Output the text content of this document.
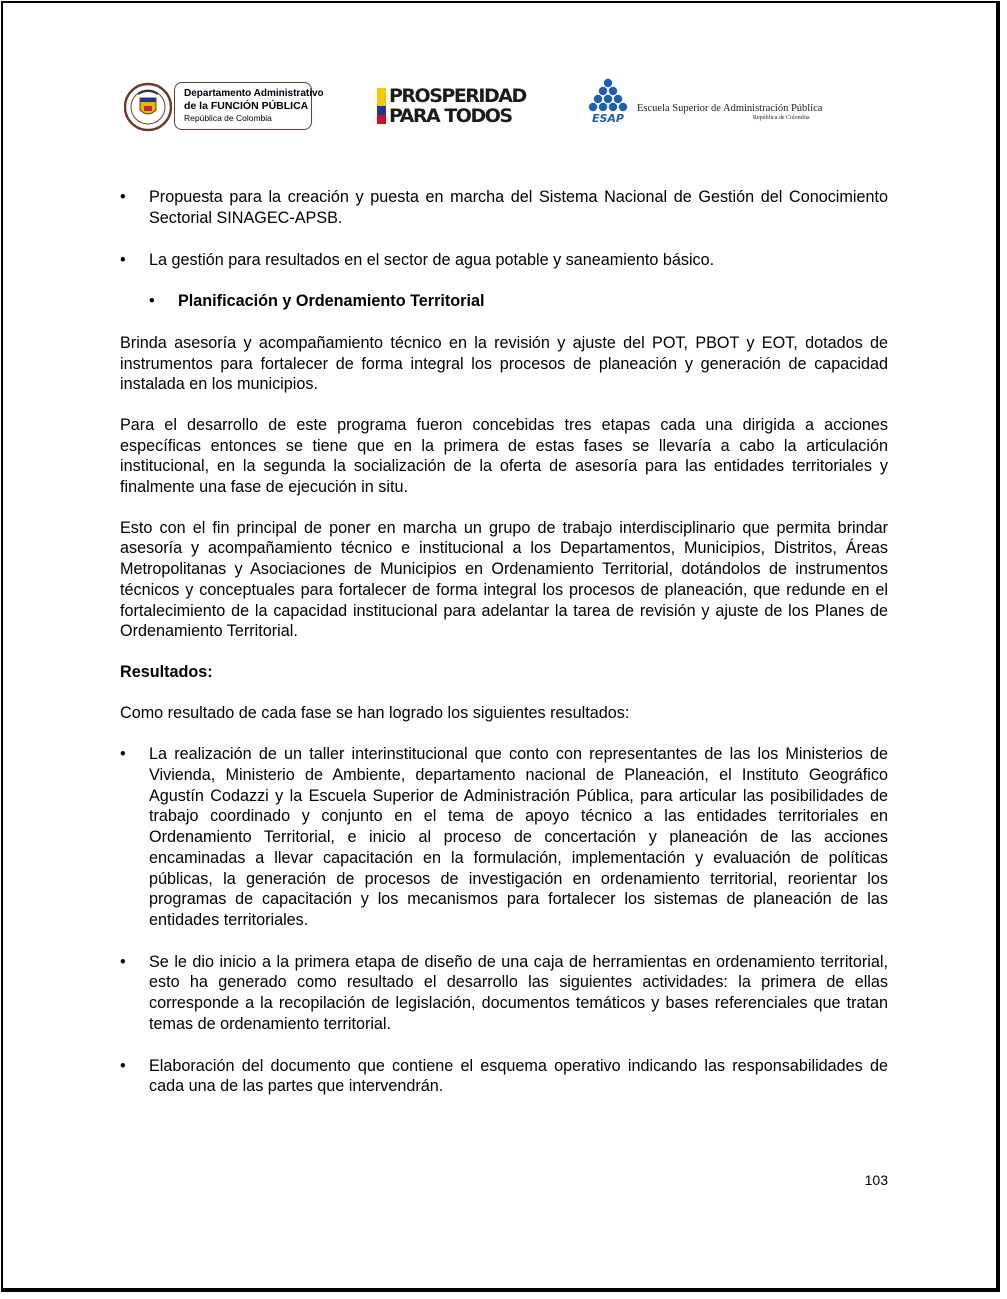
Departamento Administrativo
de la FUNCIÓN PÚBLICA
República de Colombia
PROSPERIDAD
PARA TODOS	ESAP
Escuela Superior de Administración Pública
República de Colombia

• Propuesta para la creación y puesta en marcha del Sistema Nacional de Gestión del Conocimiento Sectorial SINAGEC-APSB.

• La gestión para resultados en el sector de agua potable y saneamiento básico.

• Planificación y Ordenamiento Territorial

Brinda asesoría y acompañamiento técnico en la revisión y ajuste del POT, PBOT y EOT, dotados de instrumentos para fortalecer de forma integral los procesos de planeación y generación de capacidad instalada en los municipios.

Para el desarrollo de este programa fueron concebidas tres etapas cada una dirigida a acciones específicas entonces se tiene que en la primera de estas fases se llevaría a cabo la articulación institucional, en la segunda la socialización de la oferta de asesoría para las entidades territoriales y finalmente una fase de ejecución in situ.

Esto con el fin principal de poner en marcha un grupo de trabajo interdisciplinario que permita brindar asesoría y acompañamiento técnico e institucional a los Departamentos, Municipios, Distritos, Áreas Metropolitanas y Asociaciones de Municipios en Ordenamiento Territorial, dotándolos de instrumentos técnicos y conceptuales para fortalecer de forma integral los procesos de planeación, que redunde en el fortalecimiento de la capacidad institucional para adelantar la tarea de revisión y ajuste de los Planes de Ordenamiento Territorial.

Resultados:

Como resultado de cada fase se han logrado los siguientes resultados:

• La realización de un taller interinstitucional que conto con representantes de las los Ministerios de Vivienda, Ministerio de Ambiente, departamento nacional de Planeación, el Instituto Geográfico Agustín Codazzi y la Escuela Superior de Administración Pública, para articular las posibilidades de trabajo coordinado y conjunto en el tema de apoyo técnico a las entidades territoriales en Ordenamiento Territorial, e inicio al proceso de concertación y planeación de las acciones encaminadas a llevar capacitación en la formulación, implementación y evaluación de políticas públicas, la generación de procesos de investigación en ordenamiento territorial, reorientar los programas de capacitación y los mecanismos para fortalecer los sistemas de planeación de las entidades territoriales.

• Se le dio inicio a la primera etapa de diseño de una caja de herramientas en ordenamiento territorial, esto ha generado como resultado el desarrollo las siguientes actividades: la primera de ellas corresponde a la recopilación de legislación, documentos temáticos y bases referenciales que tratan temas de ordenamiento territorial.

• Elaboración del documento que contiene el esquema operativo indicando las responsabilidades de cada una de las partes que intervendrán.

103
